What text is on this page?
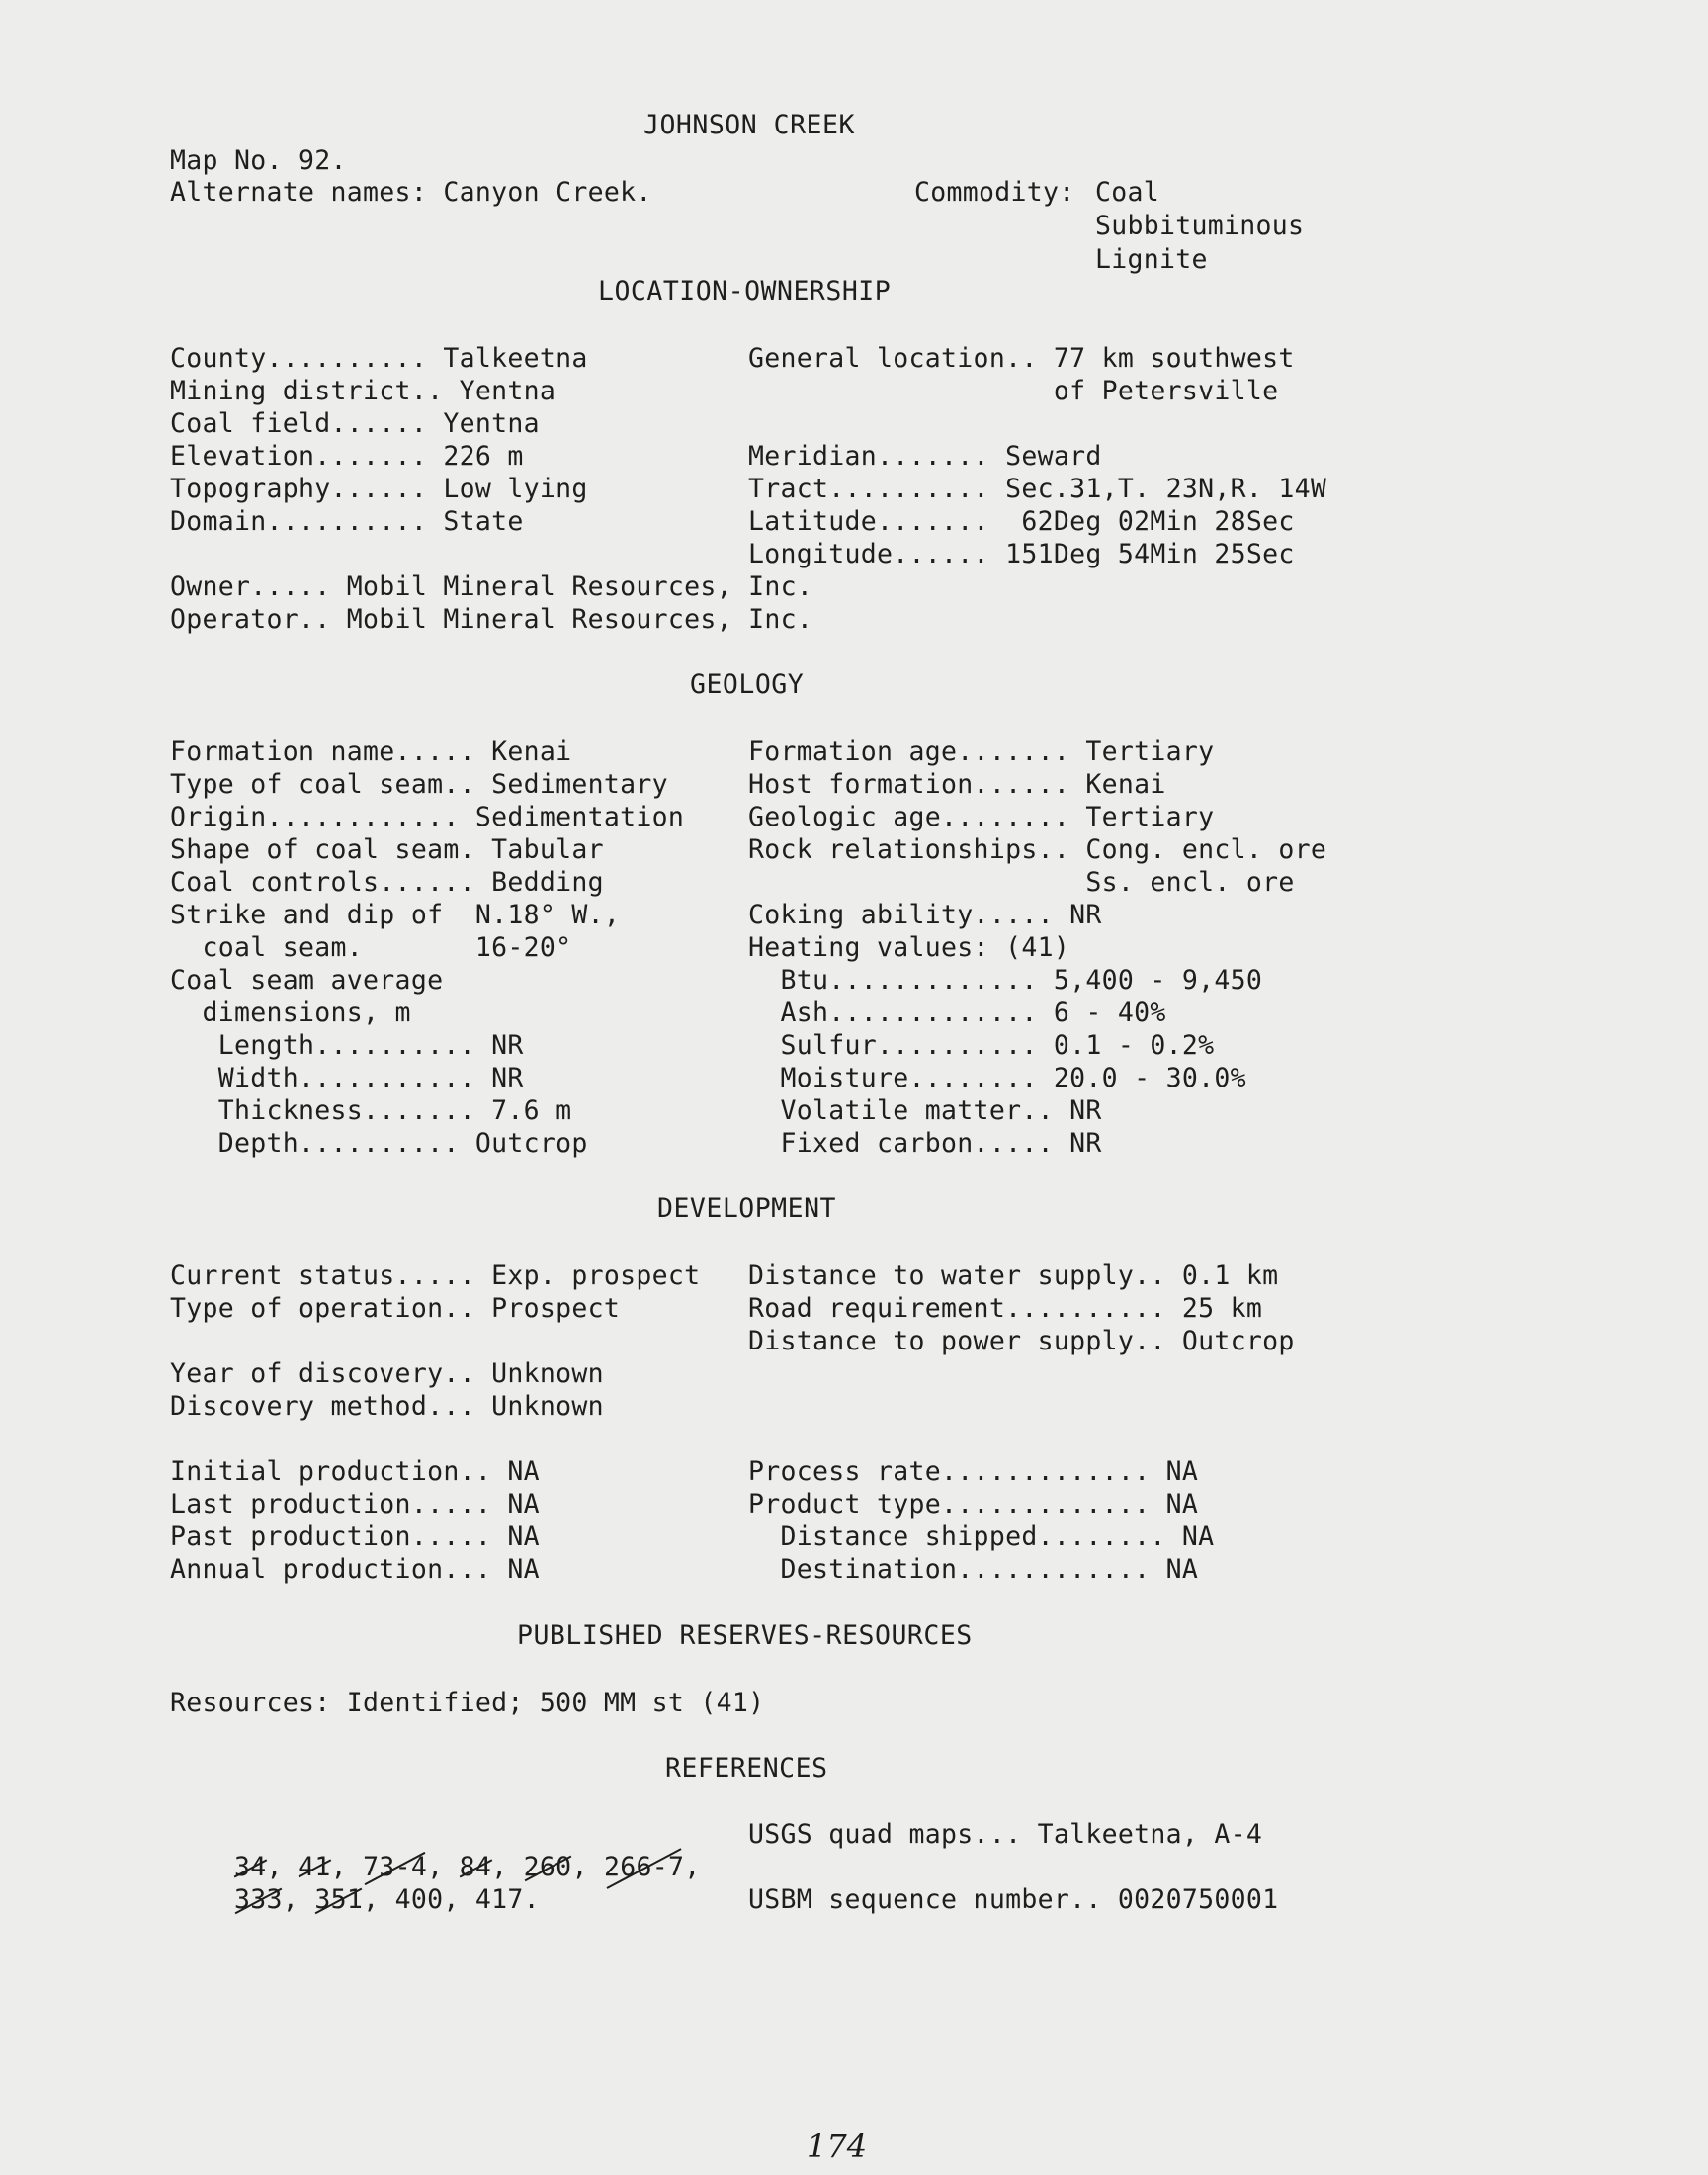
JOHNSON CREEK
Map No. 92.
Alternate names: Canyon Creek.	Commodity: Coal
Subbituminous
Lignite
LOCATION-OWNERSHIP
County.......... Talkeetna
Mining district.. Yentna
Coal field...... Yentna
Elevation....... 226 m
Topography...... Low lying
Domain.......... State
General location.. 77 km southwest
of Petersville
Meridian....... Seward
Tract.......... Sec.31,T. 23N,R. 14W
Latitude.......  62Deg 02Min 28Sec
Longitude...... 151Deg 54Min 25Sec
Owner..... Mobil Mineral Resources, Inc.
Operator.. Mobil Mineral Resources, Inc.
GEOLOGY
Formation name..... Kenai
Type of coal seam.. Sedimentary
Origin............ Sedimentation
Shape of coal seam. Tabular
Coal controls...... Bedding
Strike and dip of  N.18° W.,
coal seam.       16-20°
Coal seam average
dimensions, m
Length.......... NR
Width........... NR
Thickness....... 7.6 m
Depth.......... Outcrop
Formation age....... Tertiary
Host formation...... Kenai
Geologic age........ Tertiary
Rock relationships.. Cong. encl. ore
Ss. encl. ore
Coking ability..... NR
Heating values: (41)
Btu............. 5,400 - 9,450
Ash............. 6 - 40%
Sulfur.......... 0.1 - 0.2%
Moisture........ 20.0 - 30.0%
Volatile matter.. NR
Fixed carbon..... NR
DEVELOPMENT
Current status..... Exp. prospect
Type of operation.. Prospect
Year of discovery.. Unknown
Discovery method... Unknown
Distance to water supply.. 0.1 km
Road requirement.......... 25 km
Distance to power supply.. Outcrop
Initial production.. NA
Last production..... NA
Past production..... NA
Annual production... NA
Process rate............. NA
Product type............. NA
Distance shipped........ NA
Destination............ NA
PUBLISHED RESERVES-RESOURCES
Resources: Identified; 500 MM st (41)
REFERENCES

34, 41, 73-4, 84, 260, 266-7,

333, 351, 400, 417.

USGS quad maps... Talkeetna, A-4
USBM sequence number.. 0020750001
174
